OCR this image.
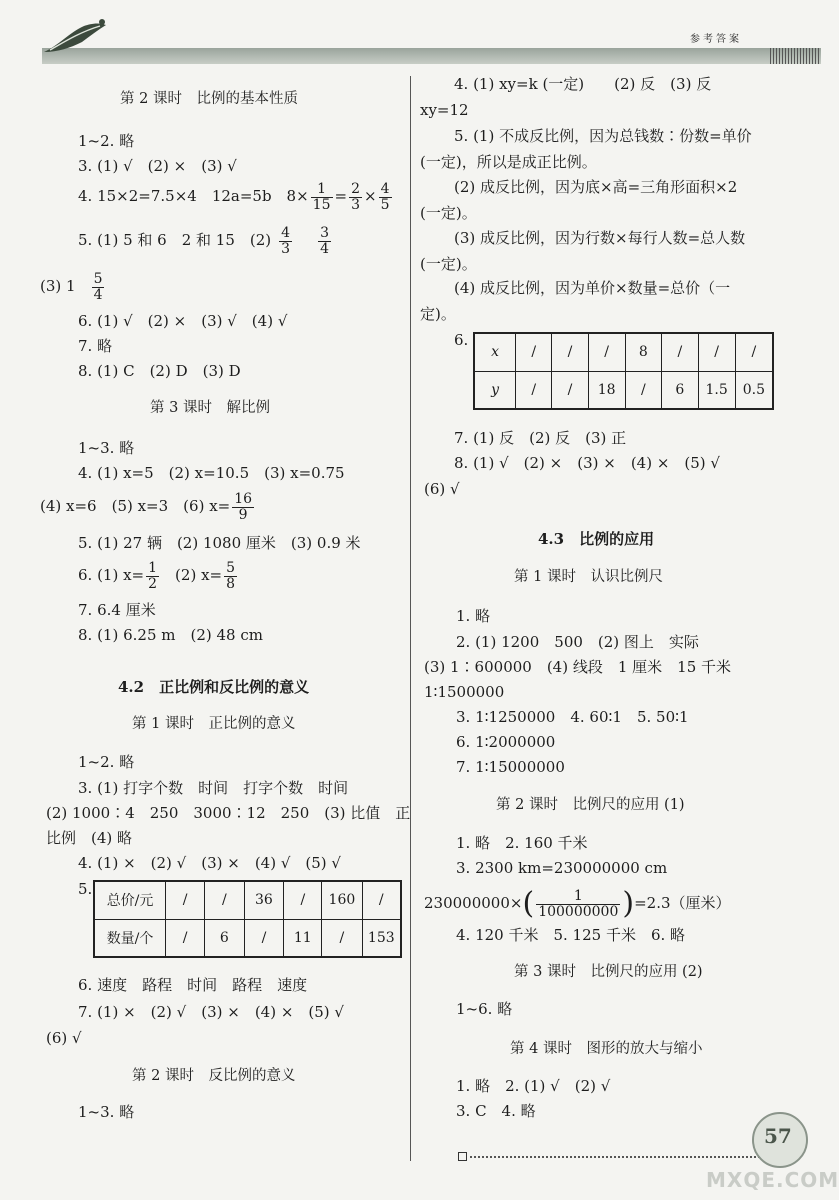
参考答案
第 2 课时　比例的基本性质
1~2. 略
3. (1) √　(2) ×　(3) √
4. 15×2=7.5×4　12a=5b　$8\times \frac{1}{15} = \frac{2}{3} \times \frac{4}{5}$
5. (1) 5 和 6　2 和 15　$(2) \frac{4}{3} \frac{3}{4}$
(3) $1 \frac{5}{4}$
6. (1) √　(2) ×　(3) √　(4) √
7. 略
8. (1) C　(2) D　(3) D
第 3 课时　解比例
1~3. 略
4. (1) x=5　(2) x=10.5　(3) x=0.75
(4) x=6　(5) x=3　(6) $x= \frac{16}{9}$
5. (1) 27 辆　(2) 1080 厘米　(3) 0.9 米
6. (1) $x= \frac{1}{2} (2)$ $x= \frac{5}{8}$
7. 6.4 厘米
8. (1) 6.25 m　(2) 48 cm
4.2　正比例和反比例的意义
第 1 课时　正比例的意义
1~2. 略
3. (1) 打字个数　时间　打字个数　时间
(2) 1000∶4　250　3000∶12　250　(3) 比值　正
比例　(4) 略
4. (1) ×　(2) √　(3) ×　(4) √　(5) √
5.
总价/元	/	/	36	/	160	/
数量/个	/	6	/	11	/	153
6. 速度　路程　时间　路程　速度
7. (1) ×　(2) √　(3) ×　(4) ×　(5) √
(6) √
第 2 课时　反比例的意义
1~3. 略
4. (1) xy=k (一定)　　(2) 反　(3) 反
xy=12
5. (1) 不成反比例，因为总钱数∶份数=单价
(一定)，所以是成正比例。
(2) 成反比例，因为底×高=三角形面积×2
(一定)。
(3) 成反比例，因为行数×每行人数=总人数
(一定)。
(4) 成反比例，因为单价×数量=总价（一
定)。
6.
x	/	/	/	8	/	/	/
y	/	/	18	/	6	1.5	0.5
7. (1) 反　(2) 反　(3) 正
8. (1) √　(2) ×　(3) ×　(4) ×　(5) √
(6) √
4.3　比例的应用
第 1 课时　认识比例尺
1. 略
2. (1) 1200　500　(2) 图上　实际
(3) 1∶600000　(4) 线段　1 厘米　15 千米
1∶1500000
3. 1∶1250000　4. 60∶1　5. 50∶1
6. 1∶2000000
7. 1∶15000000
第 2 课时　比例尺的应用 (1)
1. 略　2. 160 千米
3. 2300 km=230000000 cm
$230000000\times( \frac{1}{100000000} )=2.3$（厘米）
4. 120 千米　5. 125 千米　6. 略
第 3 课时　比例尺的应用 (2)
1~6. 略
第 4 课时　图形的放大与缩小
1. 略　2. (1) √　(2) √
3. C　4. 略
57
MXQE.COM
